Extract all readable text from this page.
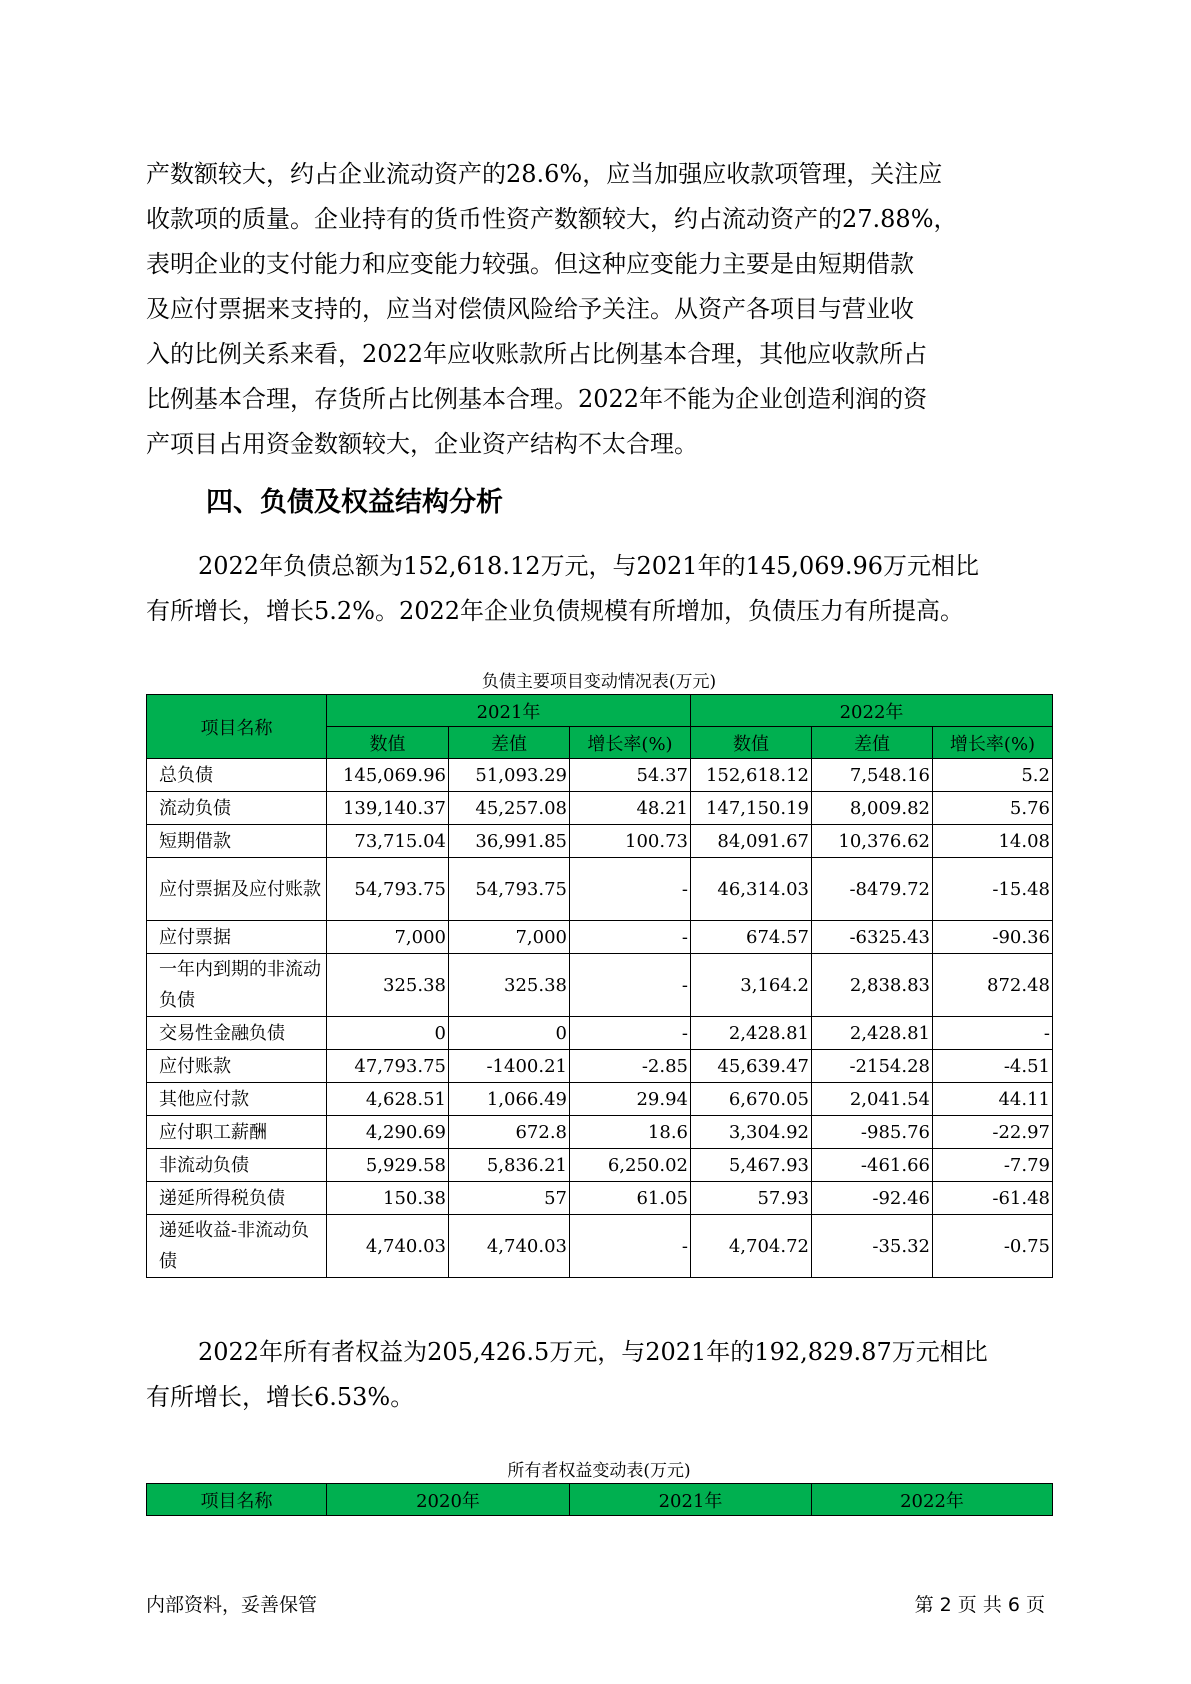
产数额较大，约占企业流动资产的28.6%，应当加强应收款项管理，关注应
收款项的质量。企业持有的货币性资产数额较大，约占流动资产的27.88%，
表明企业的支付能力和应变能力较强。但这种应变能力主要是由短期借款
及应付票据来支持的，应当对偿债风险给予关注。从资产各项目与营业收
入的比例关系来看，2022年应收账款所占比例基本合理，其他应收款所占
比例基本合理，存货所占比例基本合理。2022年不能为企业创造利润的资
产项目占用资金数额较大，企业资产结构不太合理。

四、负债及权益结构分析

2022年负债总额为152,618.12万元，与2021年的145,069.96万元相比
有所增长，增长5.2%。2022年企业负债规模有所增加，负债压力有所提高。

负债主要项目变动情况表(万元)

项目名称	2021年			2022年		
	数值	差值	增长率(%)	数值	差值	增长率(%)
总负债	145,069.96	51,093.29	54.37	152,618.12	7,548.16	5.2
流动负债	139,140.37	45,257.08	48.21	147,150.19	8,009.82	5.76
短期借款	73,715.04	36,991.85	100.73	84,091.67	10,376.62	14.08
应付票据及应付账款	54,793.75	54,793.75	-	46,314.03	-8479.72	-15.48
应付票据	7,000	7,000	-	674.57	-6325.43	-90.36
一年内到期的非流动负债	325.38	325.38	-	3,164.2	2,838.83	872.48
交易性金融负债	0	0	-	2,428.81	2,428.81	-
应付账款	47,793.75	-1400.21	-2.85	45,639.47	-2154.28	-4.51
其他应付款	4,628.51	1,066.49	29.94	6,670.05	2,041.54	44.11
应付职工薪酬	4,290.69	672.8	18.6	3,304.92	-985.76	-22.97
非流动负债	5,929.58	5,836.21	6,250.02	5,467.93	-461.66	-7.79
递延所得税负债	150.38	57	61.05	57.93	-92.46	-61.48
递延收益-非流动负债	4,740.03	4,740.03	-	4,704.72	-35.32	-0.75

2022年所有者权益为205,426.5万元，与2021年的192,829.87万元相比
有所增长，增长6.53%。

所有者权益变动表(万元)

项目名称	2020年	2021年	2022年
内部资料，妥善保管	第 2 页 共 6 页
